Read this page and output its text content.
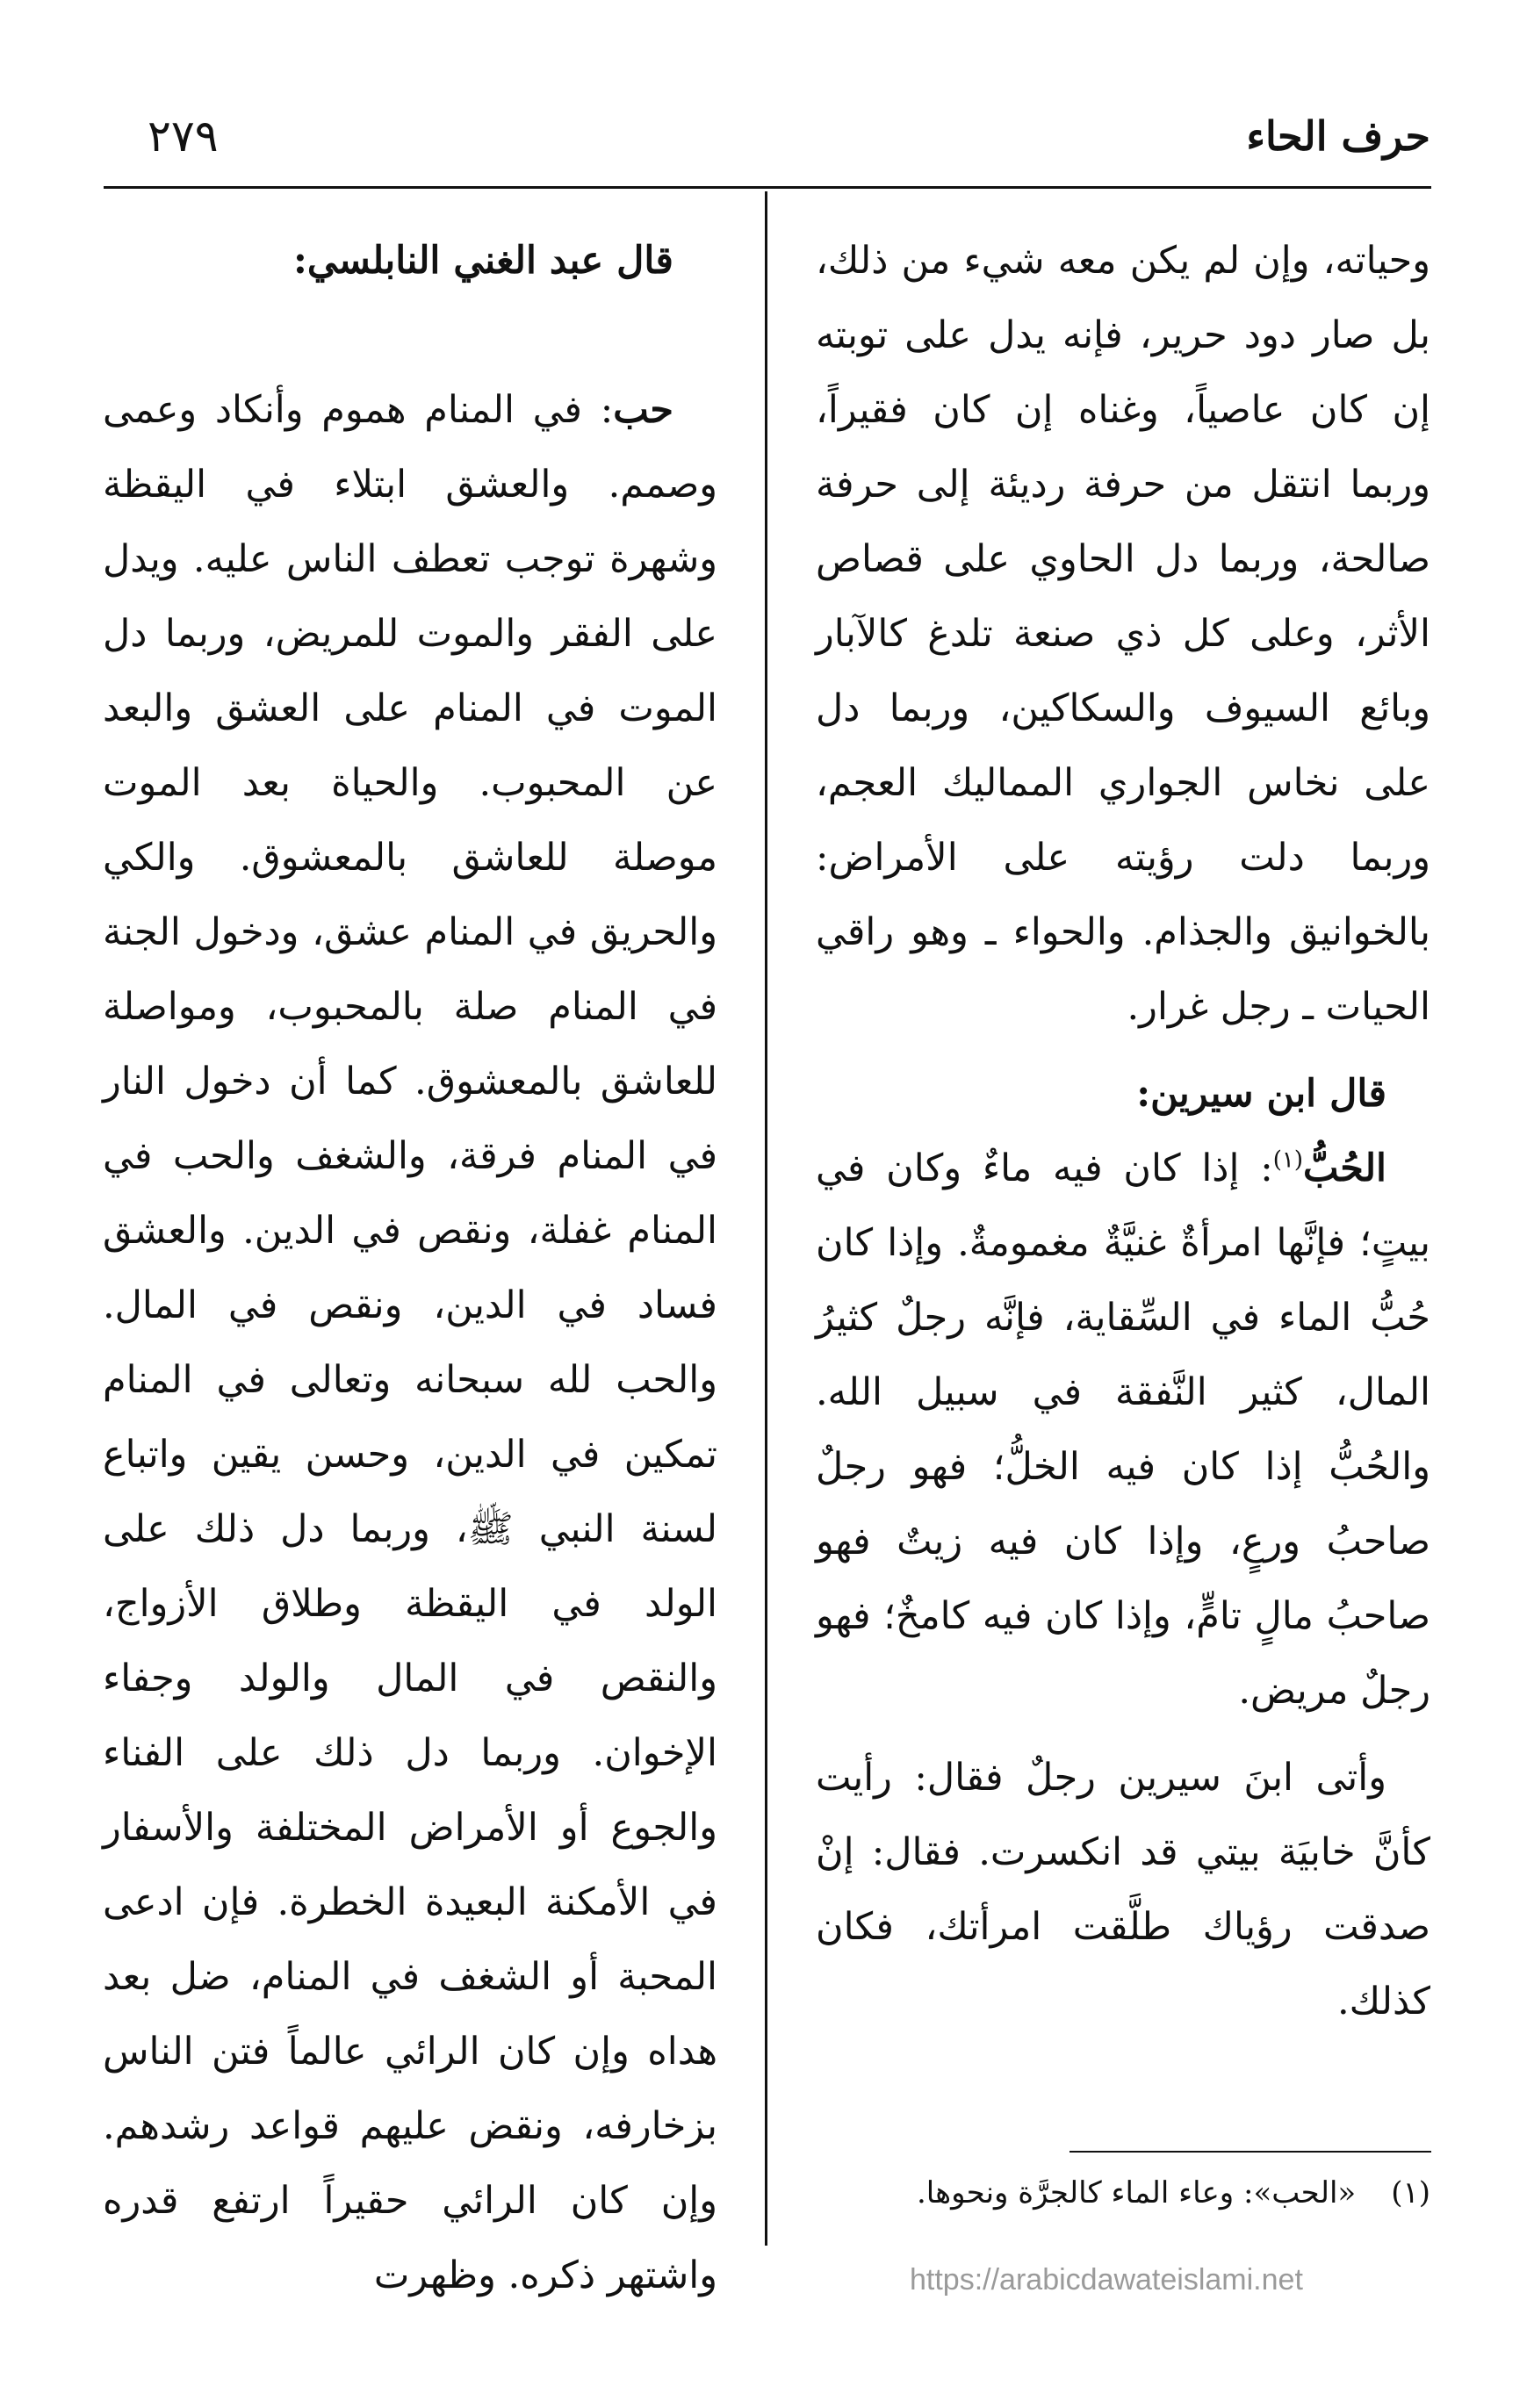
حرف الحاء
٢٧٩

وحياته، وإن لم يكن معه شيء من ذلك، بل صار دود حرير، فإنه يدل على توبته إن كان عاصياً، وغناه إن كان فقيراً، وربما انتقل من حرفة رديئة إلى حرفة صالحة، وربما دل الحاوي على قصاص الأثر، وعلى كل ذي صنعة تلدغ كالآبار وبائع السيوف والسكاكين، وربما دل على نخاس الجواري المماليك العجم، وربما دلت رؤيته على الأمراض: بالخوانيق والجذام. والحواء ـ وهو راقي الحيات ـ رجل غرار.

قال ابن سيرين:

الحُبُّ$^{(١)}$: إذا كان فيه ماءٌ وكان في بيتٍ؛ فإنَّها امرأةٌ غنيَّةٌ مغمومةٌ. وإذا كان حُبُّ الماء في السِّقاية، فإنَّه رجلٌ كثيرُ المال، كثير النَّفقة في سبيل الله. والحُبُّ إذا كان فيه الخلُّ؛ فهو رجلٌ صاحبُ ورعٍ، وإذا كان فيه زيتٌ فهو صاحبُ مالٍ تامٍّ، وإذا كان فيه كامخٌ؛ فهو رجلٌ مريض.

وأتى ابنَ سيرين رجلٌ فقال: رأيت كأنَّ خابيَة بيتي قد انكسرت. فقال: إنْ صدقت رؤياك طلَّقت امرأتك، فكان كذلك.

قال عبد الغني النابلسي:

حب: في المنام هموم وأنكاد وعمى وصمم. والعشق ابتلاء في اليقظة وشهرة توجب تعطف الناس عليه. ويدل على الفقر والموت للمريض، وربما دل الموت في المنام على العشق والبعد عن المحبوب. والحياة بعد الموت موصلة للعاشق بالمعشوق. والكي والحريق في المنام عشق، ودخول الجنة في المنام صلة بالمحبوب، ومواصلة للعاشق بالمعشوق. كما أن دخول النار في المنام فرقة، والشغف والحب في المنام غفلة، ونقص في الدين. والعشق فساد في الدين، ونقص في المال. والحب لله سبحانه وتعالى في المنام تمكين في الدين، وحسن يقين واتباع لسنة النبي ﷺ، وربما دل ذلك على الولد في اليقظة وطلاق الأزواج، والنقص في المال والولد وجفاء الإخوان. وربما دل ذلك على الفناء والجوع أو الأمراض المختلفة والأسفار في الأمكنة البعيدة الخطرة. فإن ادعى المحبة أو الشغف في المنام، ضل بعد هداه وإن كان الرائي عالماً فتن الناس بزخارفه، ونقض عليهم قواعد رشدهم. وإن كان الرائي حقيراً ارتفع قدره واشتهر ذكره. وظهرت

(١)«الحب»: وعاء الماء كالجرَّة ونحوها.

https://arabicdawateislami.net
